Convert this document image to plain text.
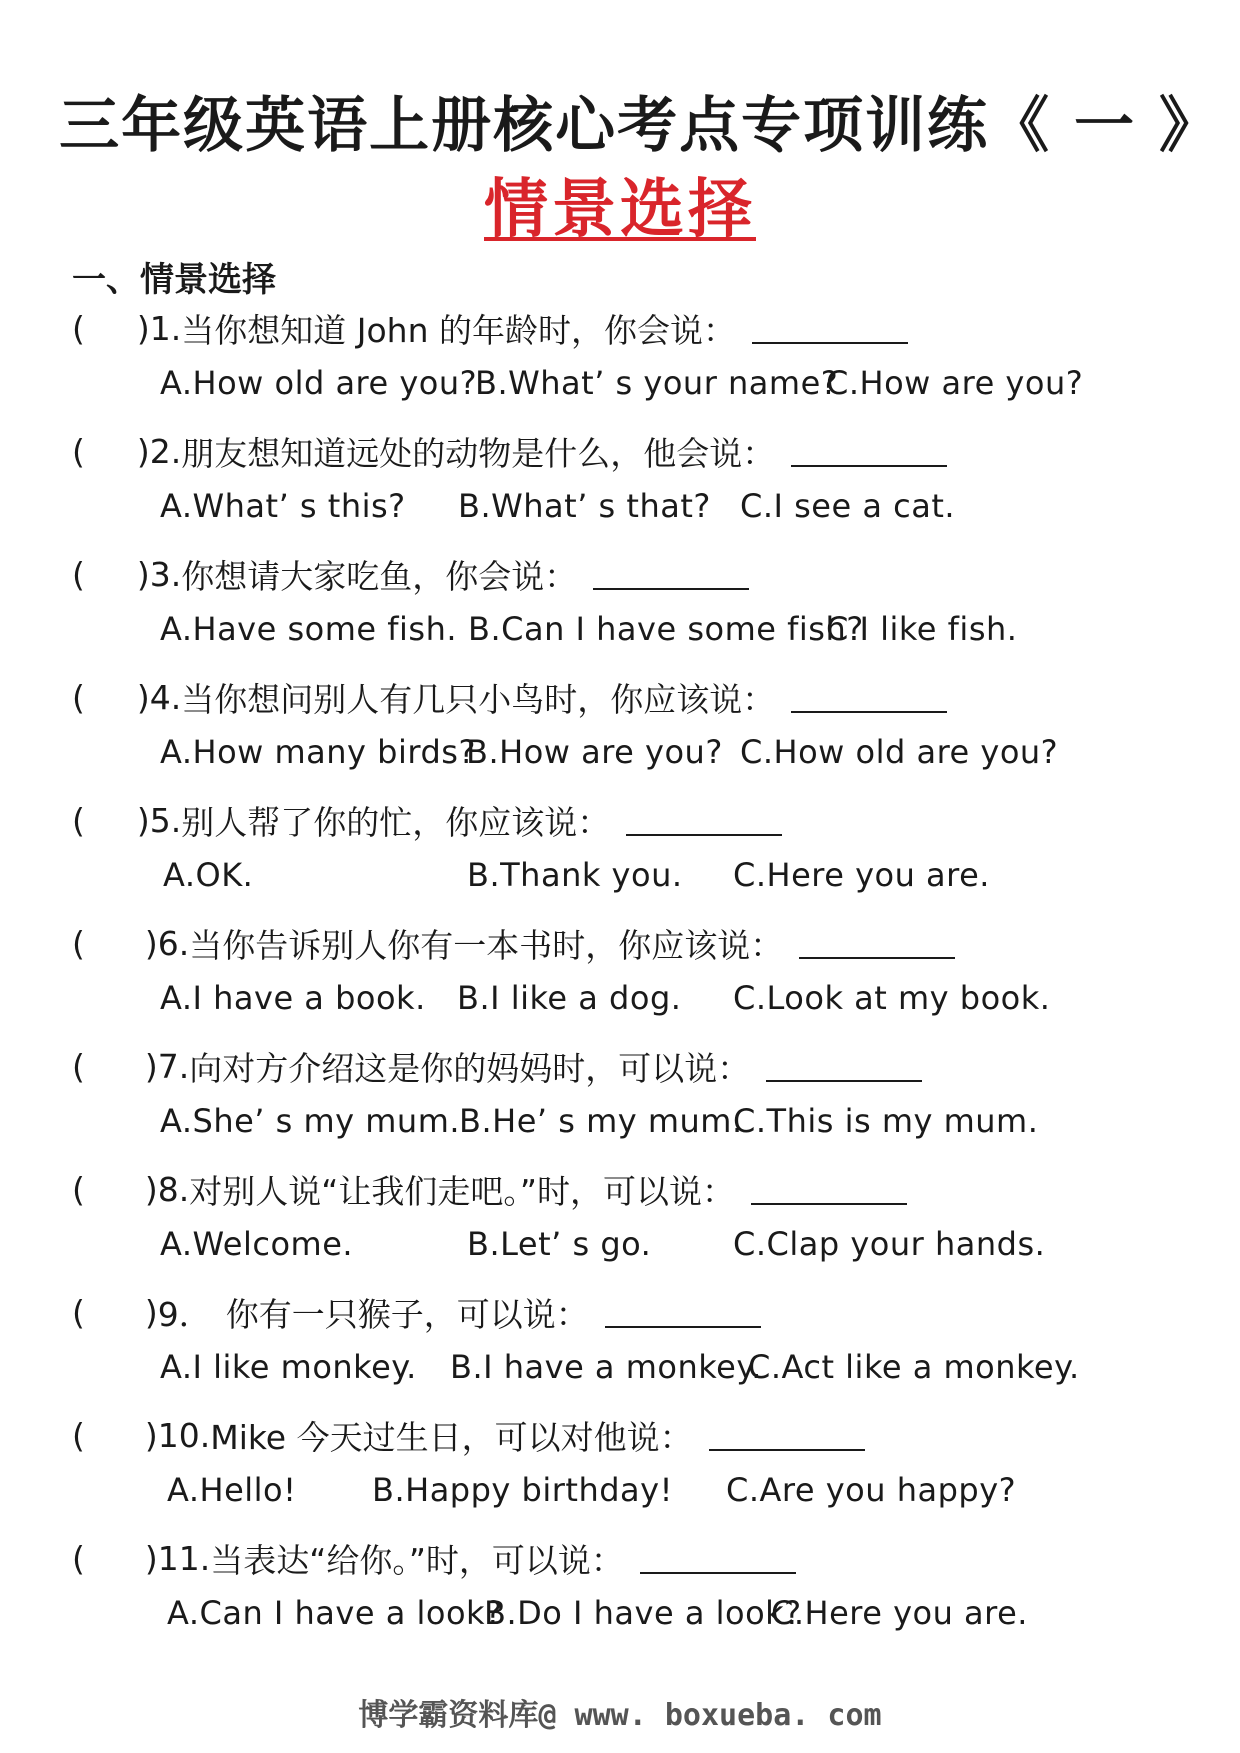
三年级英语上册核心考点专项训练《 一 》
情景选择
一、情景选择
( ) 1. 当你想知道 John 的年龄时，你会说：
A.How old are you?
B.What’ s your name?
C.How are you?
( ) 2. 朋友想知道远处的动物是什么，他会说：
A.What’ s this? B.What’ s that? C.I see a cat.
( ) 3. 你想请大家吃鱼，你会说：
A.Have some fish. B.Can I have some fish?
C.I like fish.
( ) 4. 当你想问别人有几只小鸟时，你应该说：
A.How many birds?
B.How are you? C.How old are you?
( ) 5. 别人帮了你的忙，你应该说：
A.OK.	B.Thank you. C.Here you are.
( ) 6. 当你告诉别人你有一本书时，你应该说：
A.I have a book. B.I like a dog. C.Look at my book.
( ) 7. 向对方介绍这是你的妈妈时，可以说：
A.She’ s my mum.
B.He’ s my mum.
C.This is my mum.
( ) 8. 对别人说“让我们走吧。”时，可以说：
A.Welcome.	B.Let’ s go.	C.Clap your hands.
( ) 9． 你有一只猴子，可以说：
A.I like monkey. B.I have a monkey.
C.Act like a monkey.
( ) 10. Mike 今天过生日，可以对他说：
A.Hello! B.Happy birthday! C.Are you happy?
( ) 11. 当表达“给你。”时，可以说：
A.Can I have a look?
B.Do I have a look?
C.Here you are.
博学霸资料库@ www. boxueba. com
